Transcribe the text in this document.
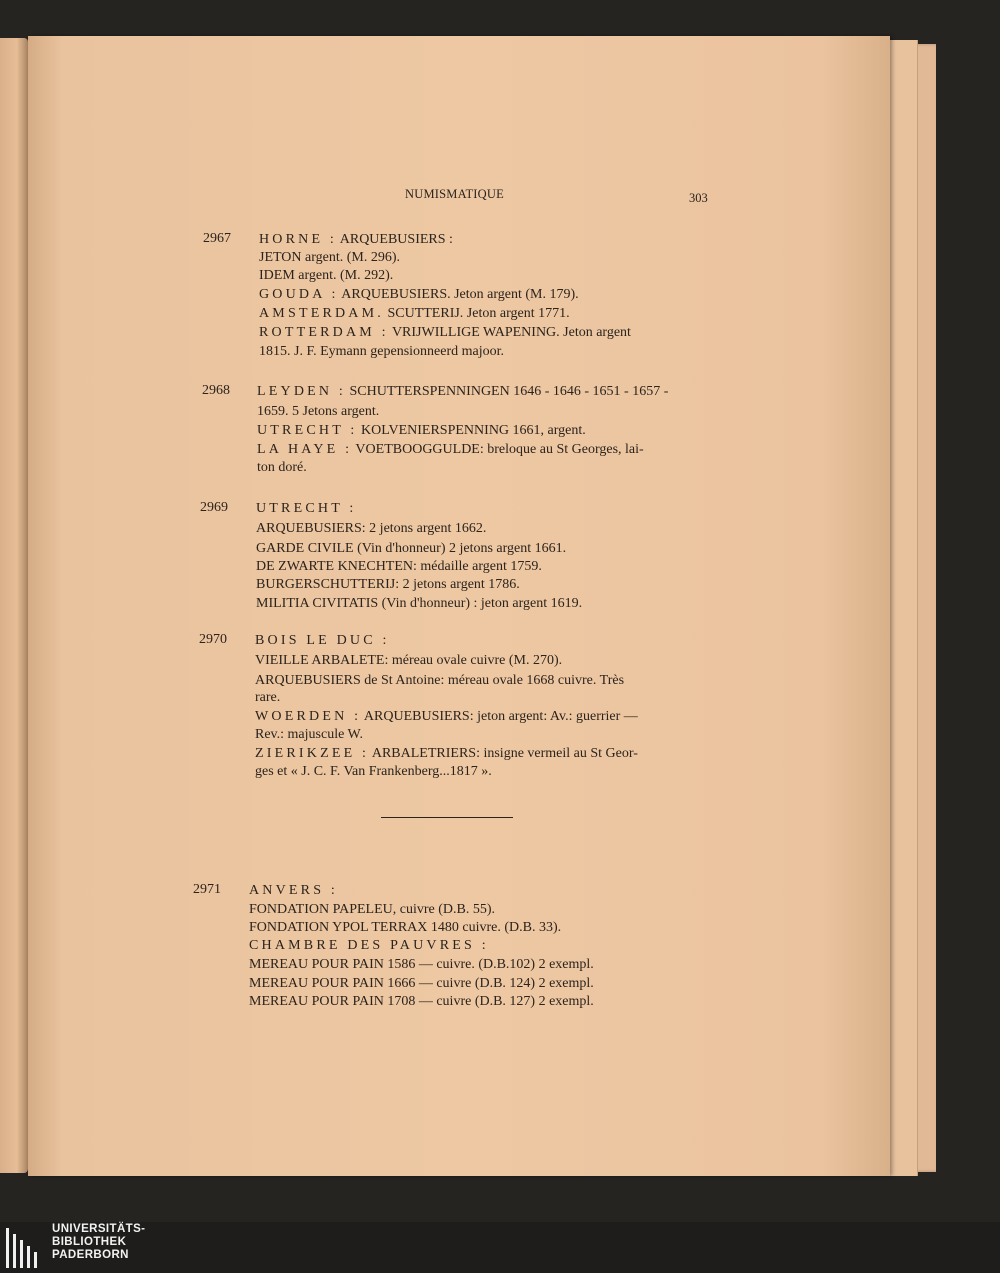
NUMISMATIQUE	303
2967 HORNE : ARQUEBUSIERS :
JETON argent. (M. 296).
IDEM argent. (M. 292).
GOUDA : ARQUEBUSIERS. Jeton argent (M. 179).
AMSTERDAM. SCUTTERIJ. Jeton argent 1771.
ROTTERDAM : VRIJWILLIGE WAPENING. Jeton argent
1815. J. F. Eymann gepensionneerd majoor.
2968 LEYDEN : SCHUTTERSPENNINGEN 1646 - 1646 - 1651 - 1657 -
1659. 5 Jetons argent.
UTRECHT : KOLVENIERSPENNING 1661, argent.
LA HAYE : VOETBOOGGULDE: breloque au St Georges, lai-
ton doré.
2969 UTRECHT :
ARQUEBUSIERS: 2 jetons argent 1662.
GARDE CIVILE (Vin d'honneur) 2 jetons argent 1661.
DE ZWARTE KNECHTEN: médaille argent 1759.
BURGERSCHUTTERIJ: 2 jetons argent 1786.
MILITIA CIVITATIS (Vin d'honneur) : jeton argent 1619.
2970 BOIS LE DUC :
VIEILLE ARBALETE: méreau ovale cuivre (M. 270).
ARQUEBUSIERS de St Antoine: méreau ovale 1668 cuivre. Très
rare.
WOERDEN : ARQUEBUSIERS: jeton argent: Av.: guerrier —
Rev.: majuscule W.
ZIERIKZEE : ARBALETRIERS: insigne vermeil au St Geor-
ges et « J. C. F. Van Frankenberg...1817 ».
2971 ANVERS :
FONDATION PAPELEU, cuivre (D.B. 55).
FONDATION YPOL TERRAX 1480 cuivre. (D.B. 33).
CHAMBRE DES PAUVRES :
MEREAU POUR PAIN 1586 — cuivre. (D.B.102) 2 exempl.
MEREAU POUR PAIN 1666 — cuivre (D.B. 124) 2 exempl.
MEREAU POUR PAIN 1708 — cuivre (D.B. 127) 2 exempl.
UNIVERSITÄTS-
BIBLIOTHEK
PADERBORN
